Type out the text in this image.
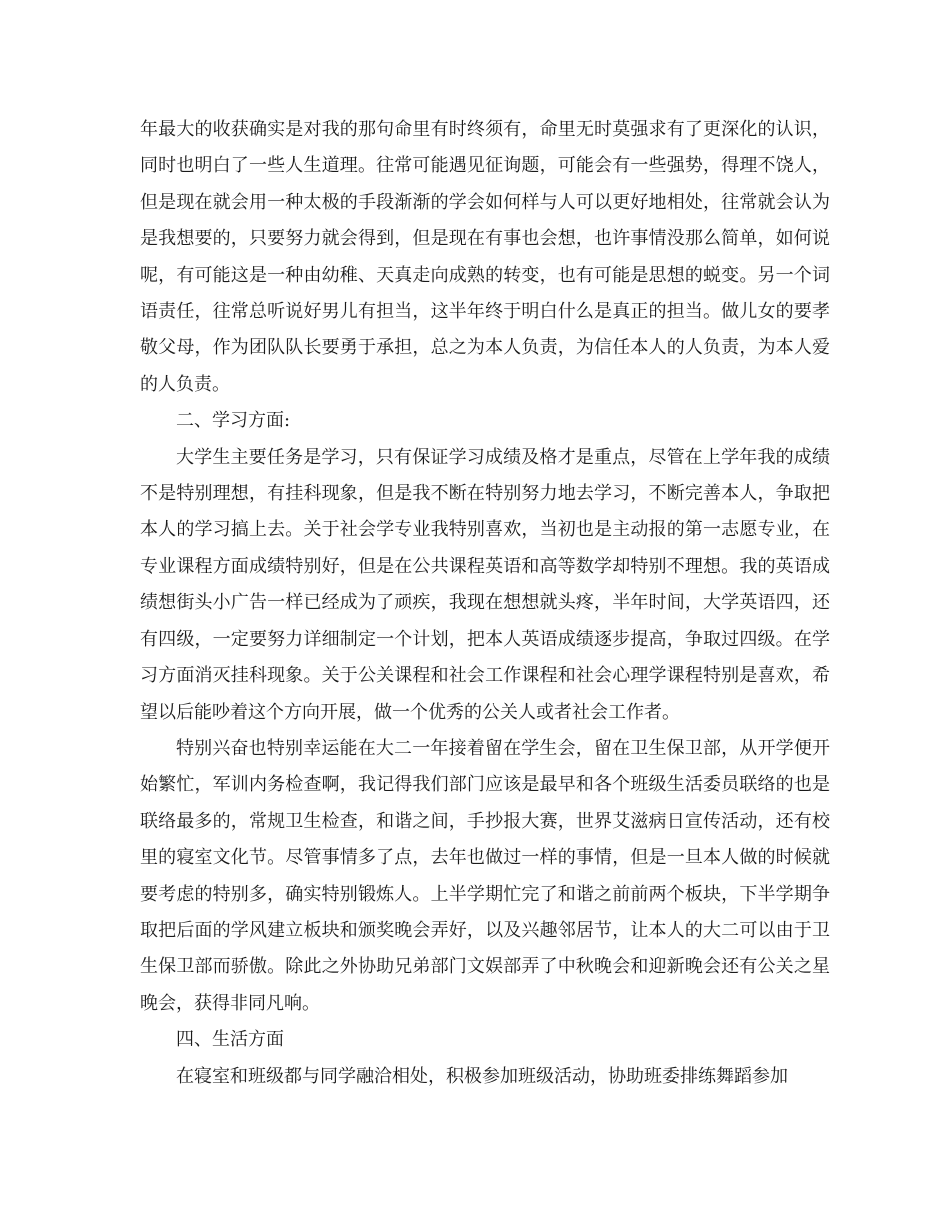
年最大的收获确实是对我的那句命里有时终须有，命里无时莫强求有了更深化的认识，同时也明白了一些人生道理。往常可能遇见征询题，可能会有一些强势，得理不饶人，但是现在就会用一种太极的手段渐渐的学会如何样与人可以更好地相处，往常就会认为是我想要的，只要努力就会得到，但是现在有事也会想，也许事情没那么简单，如何说呢，有可能这是一种由幼稚、天真走向成熟的转变，也有可能是思想的蜕变。另一个词语责任，往常总听说好男儿有担当，这半年终于明白什么是真正的担当。做儿女的要孝敬父母，作为团队队长要勇于承担，总之为本人负责，为信任本人的人负责，为本人爱的人负责。

二、学习方面:

大学生主要任务是学习，只有保证学习成绩及格才是重点，尽管在上学年我的成绩不是特别理想，有挂科现象，但是我不断在特别努力地去学习，不断完善本人，争取把本人的学习搞上去。关于社会学专业我特别喜欢，当初也是主动报的第一志愿专业，在专业课程方面成绩特别好，但是在公共课程英语和高等数学却特别不理想。我的英语成绩想街头小广告一样已经成为了顽疾，我现在想想就头疼，半年时间，大学英语四，还有四级，一定要努力详细制定一个计划，把本人英语成绩逐步提高，争取过四级。在学习方面消灭挂科现象。关于公关课程和社会工作课程和社会心理学课程特别是喜欢，希望以后能吵着这个方向开展，做一个优秀的公关人或者社会工作者。

特别兴奋也特别幸运能在大二一年接着留在学生会，留在卫生保卫部，从开学便开始繁忙，军训内务检查啊，我记得我们部门应该是最早和各个班级生活委员联络的也是联络最多的，常规卫生检查，和谐之间，手抄报大赛，世界艾滋病日宣传活动，还有校里的寝室文化节。尽管事情多了点，去年也做过一样的事情，但是一旦本人做的时候就要考虑的特别多，确实特别锻炼人。上半学期忙完了和谐之前前两个板块，下半学期争取把后面的学风建立板块和颁奖晚会弄好，以及兴趣邻居节，让本人的大二可以由于卫生保卫部而骄傲。除此之外协助兄弟部门文娱部弄了中秋晚会和迎新晚会还有公关之星晚会，获得非同凡响。

四、生活方面

在寝室和班级都与同学融洽相处，积极参加班级活动，协助班委排练舞蹈参加
